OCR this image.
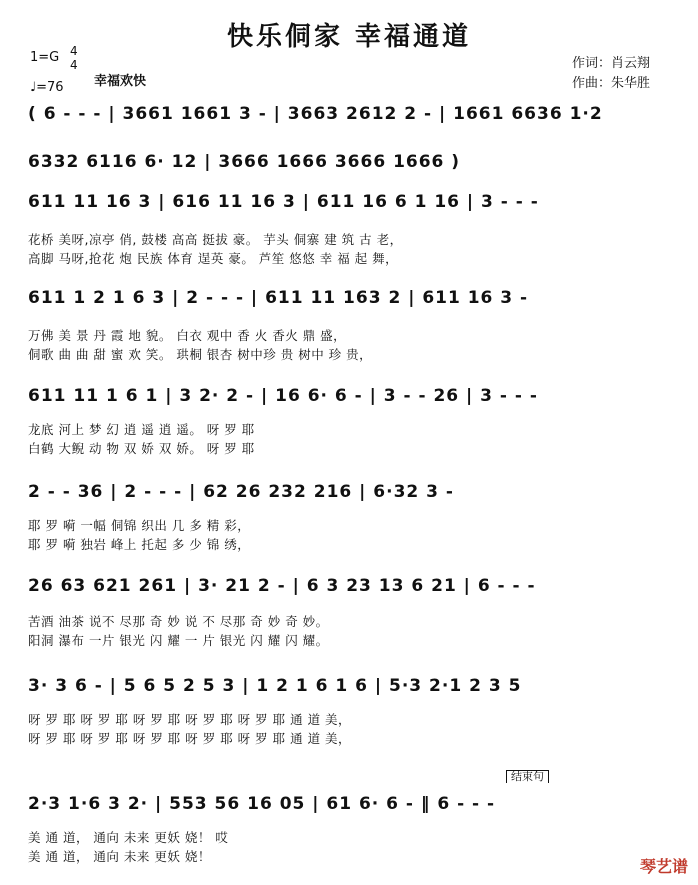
快乐侗家 幸福通道
1=G 4
4
♩=76 幸福欢快
作词：肖云翔
作曲：朱华胜
( 6 - - - | 3661 1661 3 - | 3663 2612 2 - | 1661 6636 1·2
6332 6116 6· 12 | 3666 1666 3666 1666 )
611 11 16 3 | 616 11 16 3 | 611 16 6 1 16 | 3 - - -
花桥 美呀,凉亭 俏, 鼓楼 高高 挺拔 豪。 芋头 侗寨 建 筑 古 老，
高脚 马呀,抢花 炮 民族 体育 逞英 豪。 芦笙 悠悠 幸 福 起 舞，
611 1 2 1 6 3 | 2 - - - | 611 11 163 2 | 611 16 3 -
万佛 美 景 丹 霞 地 貌。 白衣 观中 香 火 香火 鼎 盛，
侗歌 曲 曲 甜 蜜 欢 笑。 珙桐 银杏 树中珍 贵 树中 珍 贵，
611 11 1 6 1 | 3 2· 2 - | 16 6· 6 - | 3 - - 26 | 3 - - -
龙底 河上 梦 幻 逍 遥 逍 遥。 呀 罗 耶
白鹤 大鲵 动 物 双 娇 双 娇。 呀 罗 耶
2 - - 36 | 2 - - - | 62 26 232 216 | 6·32 3 -
耶 罗 嗬 一幅 侗锦 织出 几 多 精 彩，
耶 罗 嗬 独岩 峰上 托起 多 少 锦 绣，
26 63 621 261 | 3· 21 2 - | 6 3 23 13 6 21 | 6 - - -
苦酒 油茶 说不 尽那 奇 妙 说 不 尽那 奇 妙 奇 妙。
阳洞 瀑布 一片 银光 闪 耀 一 片 银光 闪 耀 闪 耀。
3· 3 6 - | 5 6 5 2 5 3 | 1 2 1 6 1 6 | 5·3 2·1 2 3 5
呀 罗 耶 呀 罗 耶 呀 罗 耶 呀 罗 耶 呀 罗 耶 通 道 美，
呀 罗 耶 呀 罗 耶 呀 罗 耶 呀 罗 耶 呀 罗 耶 通 道 美，
结束句
2·3 1·6 3 2· | 553 56 16 05 | 61 6· 6 - ‖ 6 - - -
美 通 道， 通向 未来 更妖 娆！ 哎
美 通 道， 通向 未来 更妖 娆！
琴艺谱
